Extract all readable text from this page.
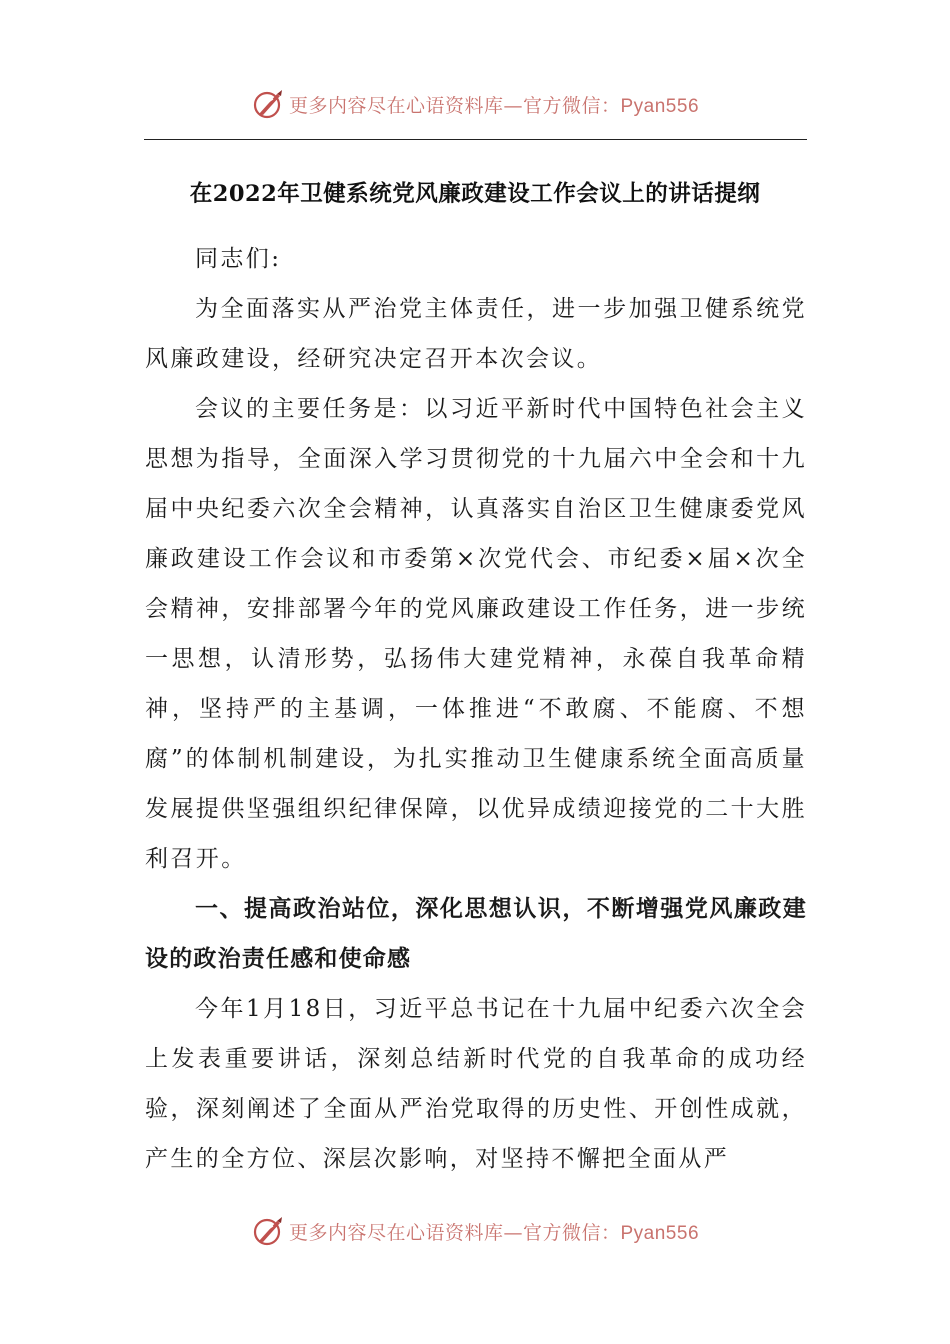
更多内容尽在心语资料库—官方微信：Pyan556
在2022年卫健系统党风廉政建设工作会议上的讲话提纲

同志们:

为全面落实从严治党主体责任，进一步加强卫健系统党风廉政建设，经研究决定召开本次会议。

会议的主要任务是：以习近平新时代中国特色社会主义思想为指导，全面深入学习贯彻党的十九届六中全会和十九届中央纪委六次全会精神，认真落实自治区卫生健康委党风廉政建设工作会议和市委第×次党代会、市纪委×届×次全会精神，安排部署今年的党风廉政建设工作任务，进一步统一思想，认清形势，弘扬伟大建党精神，永葆自我革命精神，坚持严的主基调，一体推进“不敢腐、不能腐、不想腐”的体制机制建设，为扎实推动卫生健康系统全面高质量发展提供坚强组织纪律保障，以优异成绩迎接党的二十大胜利召开。

一、提高政治站位，深化思想认识，不断增强党风廉政建设的政治责任感和使命感

今年1月18日，习近平总书记在十九届中纪委六次全会上发表重要讲话，深刻总结新时代党的自我革命的成功经验，深刻阐述了全面从严治党取得的历史性、开创性成就，产生的全方位、深层次影响，对坚持不懈把全面从严

更多内容尽在心语资料库—官方微信：Pyan556
